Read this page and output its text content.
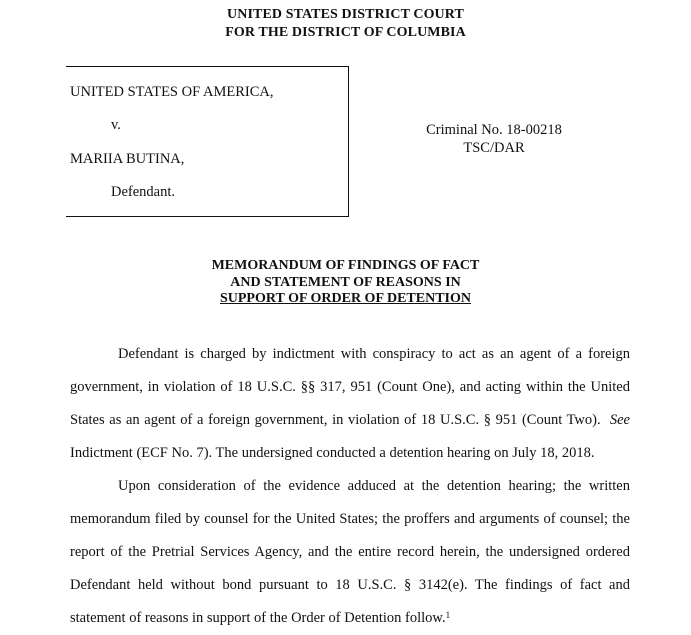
UNITED STATES DISTRICT COURT
FOR THE DISTRICT OF COLUMBIA
UNITED STATES OF AMERICA,
v.
MARIIA BUTINA,
Defendant.
Criminal No. 18-00218
TSC/DAR
MEMORANDUM OF FINDINGS OF FACT
AND STATEMENT OF REASONS IN
SUPPORT OF ORDER OF DETENTION

Defendant is charged by indictment with conspiracy to act as an agent of a foreign government, in violation of 18 U.S.C. §§ 317, 951 (Count One), and acting within the United States as an agent of a foreign government, in violation of 18 U.S.C. § 951 (Count Two). See Indictment (ECF No. 7). The undersigned conducted a detention hearing on July 18, 2018.

Upon consideration of the evidence adduced at the detention hearing; the written memorandum filed by counsel for the United States; the proffers and arguments of counsel; the report of the Pretrial Services Agency, and the entire record herein, the undersigned ordered Defendant held without bond pursuant to 18 U.S.C. § 3142(e). The findings of fact and statement of reasons in support of the Order of Detention follow.$^1$
